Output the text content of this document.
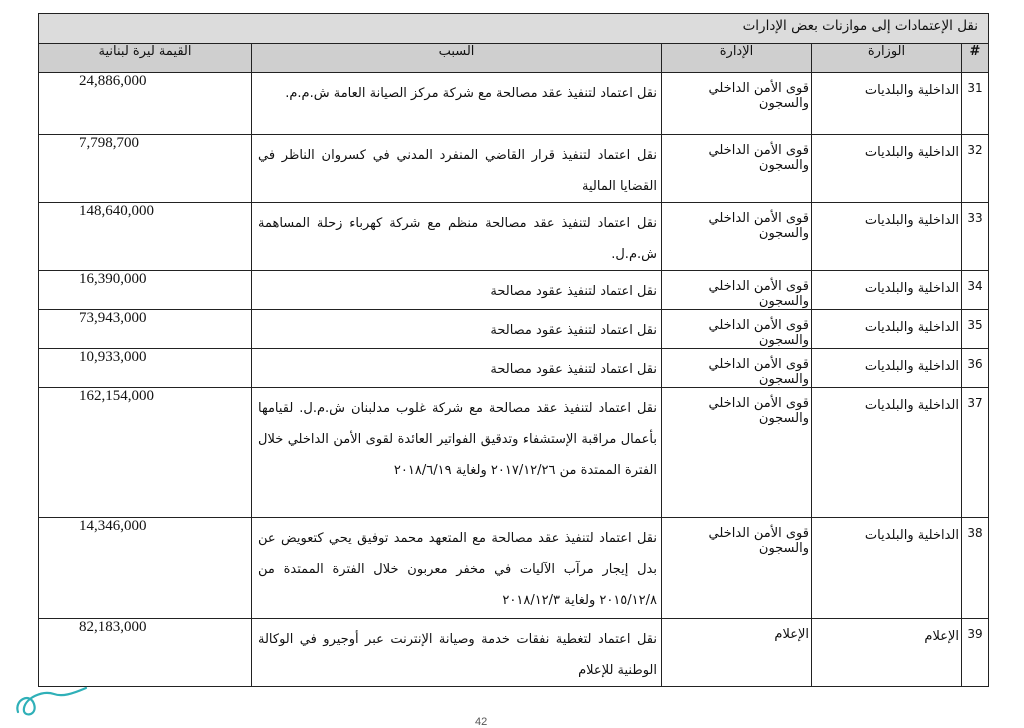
نقل الإعتمادات إلى موازنات بعض الإدارات				
#	الوزارة	الإدارة	السبب	القيمة ليرة لبنانية
31	الداخلية والبلديات	قوى الأمن الداخلي والسجون	نقل اعتماد لتنفيذ عقد مصالحة مع شركة مركز الصيانة العامة ش.م.م.	24,886,000
32	الداخلية والبلديات	قوى الأمن الداخلي والسجون	نقل اعتماد لتنفيذ قرار القاضي المنفرد المدني في كسروان الناظر في القضايا المالية	7,798,700
33	الداخلية والبلديات	قوى الأمن الداخلي والسجون	نقل اعتماد لتنفيذ عقد مصالحة منظم مع شركة كهرباء زحلة المساهمة ش.م.ل.	148,640,000
34	الداخلية والبلديات	قوى الأمن الداخلي والسجون	نقل اعتماد لتنفيذ عقود مصالحة	16,390,000
35	الداخلية والبلديات	قوى الأمن الداخلي والسجون	نقل اعتماد لتنفيذ عقود مصالحة	73,943,000
36	الداخلية والبلديات	قوى الأمن الداخلي والسجون	نقل اعتماد لتنفيذ عقود مصالحة	10,933,000
37	الداخلية والبلديات	قوى الأمن الداخلي والسجون	نقل اعتماد لتنفيذ عقد مصالحة مع شركة غلوب مدلبنان ش.م.ل. لقيامها بأعمال مراقبة الإستشفاء وتدقيق الفواتير العائدة لقوى الأمن الداخلي خلال الفترة الممتدة من ٢٠١٧/١٢/٢٦ ولغاية ٢٠١٨/٦/١٩	162,154,000
38	الداخلية والبلديات	قوى الأمن الداخلي والسجون	نقل اعتماد لتنفيذ عقد مصالحة مع المتعهد محمد توفيق يحي كتعويض عن بدل إيجار مرآب الآليات في مخفر معربون خلال الفترة الممتدة من ٢٠١٥/١٢/٨ ولغاية ٢٠١٨/١٢/٣	14,346,000
39	الإعلام	الإعلام	نقل اعتماد لتغطية نفقات خدمة وصيانة الإنترنت عبر أوجيرو في الوكالة الوطنية للإعلام	82,183,000
42
